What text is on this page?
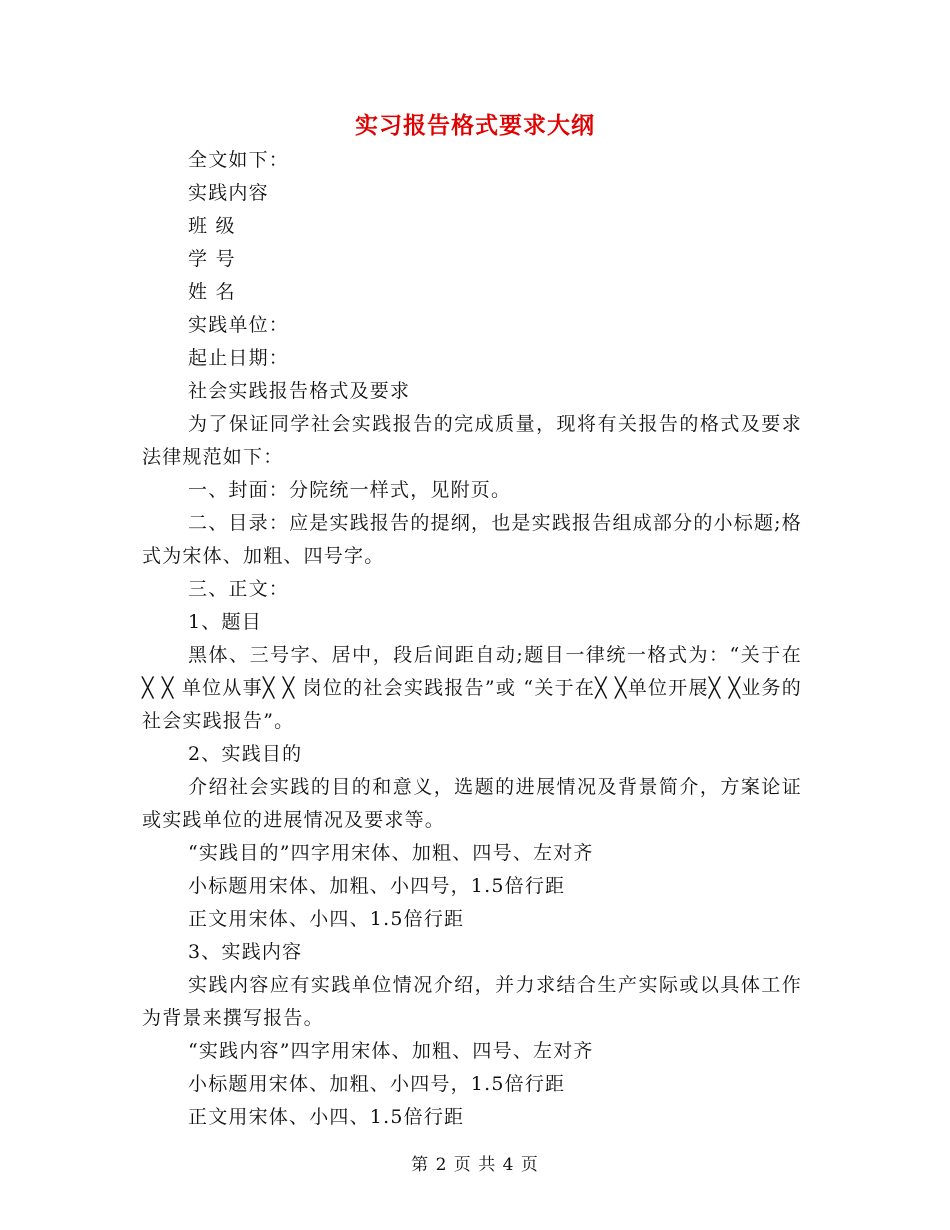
实习报告格式要求大纲

全文如下：

实践内容

班 级

学 号

姓 名

实践单位：

起止日期：

社会实践报告格式及要求

为了保证同学社会实践报告的完成质量，现将有关报告的格式及要求法律规范如下：

一、封面：分院统一样式，见附页。

二、目录：应是实践报告的提纲，也是实践报告组成部分的小标题;格式为宋体、加粗、四号字。

三、正文：

1、题目

黑体、三号字、居中，段后间距自动;题目一律统一格式为：“关于在╳ ╳ 单位从事╳ ╳ 岗位的社会实践报告”或 “关于在╳ ╳单位开展╳ ╳业务的社会实践报告”。

2、实践目的

介绍社会实践的目的和意义，选题的进展情况及背景简介，方案论证或实践单位的进展情况及要求等。

“实践目的”四字用宋体、加粗、四号、左对齐

小标题用宋体、加粗、小四号，1.5倍行距

正文用宋体、小四、1.5倍行距

3、实践内容

实践内容应有实践单位情况介绍，并力求结合生产实际或以具体工作为背景来撰写报告。

“实践内容”四字用宋体、加粗、四号、左对齐

小标题用宋体、加粗、小四号，1.5倍行距

正文用宋体、小四、1.5倍行距

第 2 页 共 4 页
